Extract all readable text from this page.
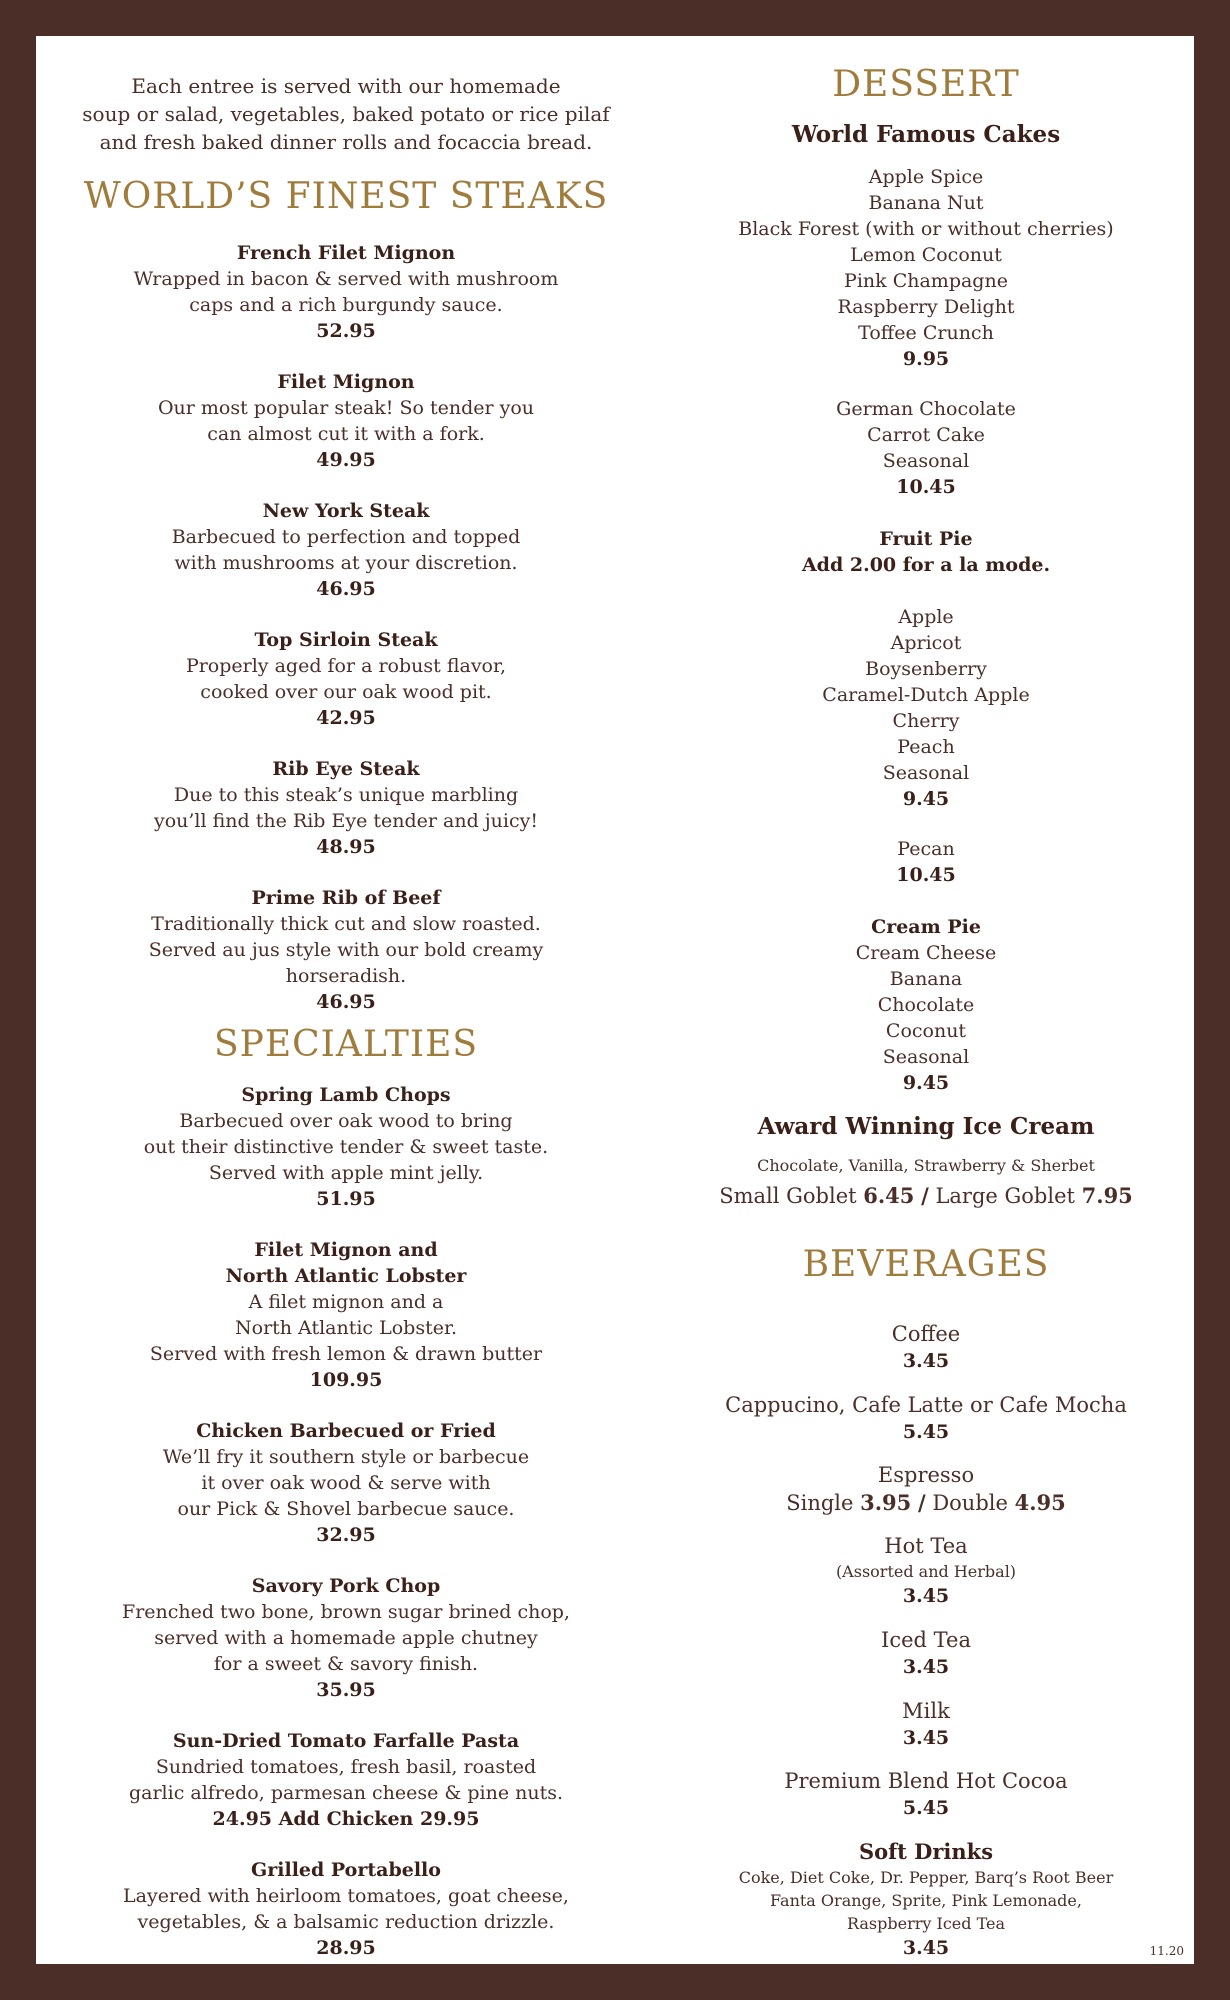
Each entree is served with our homemade
soup or salad, vegetables, baked potato or rice pilaf
and fresh baked dinner rolls and focaccia bread.
WORLD’S FINEST STEAKS
French Filet Mignon
Wrapped in bacon & served with mushroom
caps and a rich burgundy sauce.
52.95
Filet Mignon
Our most popular steak! So tender you
can almost cut it with a fork.
49.95
New York Steak
Barbecued to perfection and topped
with mushrooms at your discretion.
46.95
Top Sirloin Steak
Properly aged for a robust flavor,
cooked over our oak wood pit.
42.95
Rib Eye Steak
Due to this steak’s unique marbling
you’ll find the Rib Eye tender and juicy!
48.95
Prime Rib of Beef
Traditionally thick cut and slow roasted.
Served au jus style with our bold creamy
horseradish.
46.95
SPECIALTIES
Spring Lamb Chops
Barbecued over oak wood to bring
out their distinctive tender & sweet taste.
Served with apple mint jelly.
51.95
Filet Mignon and
North Atlantic Lobster
A filet mignon and a
North Atlantic Lobster.
Served with fresh lemon & drawn butter
109.95
Chicken Barbecued or Fried
We’ll fry it southern style or barbecue
it over oak wood & serve with
our Pick & Shovel barbecue sauce.
32.95
Savory Pork Chop
Frenched two bone, brown sugar brined chop,
served with a homemade apple chutney
for a sweet & savory finish.
35.95
Sun-Dried Tomato Farfalle Pasta
Sundried tomatoes, fresh basil, roasted
garlic alfredo, parmesan cheese & pine nuts.
24.95 Add Chicken 29.95
Grilled Portabello
Layered with heirloom tomatoes, goat cheese,
vegetables, & a balsamic reduction drizzle.
28.95
DESSERT
World Famous Cakes
Apple Spice
Banana Nut
Black Forest (with or without cherries)
Lemon Coconut
Pink Champagne
Raspberry Delight
Toffee Crunch
9.95
German Chocolate
Carrot Cake
Seasonal
10.45
Fruit Pie
Add 2.00 for a la mode.
Apple
Apricot
Boysenberry
Caramel-Dutch Apple
Cherry
Peach
Seasonal
9.45
Pecan
10.45
Cream Pie
Cream Cheese
Banana
Chocolate
Coconut
Seasonal
9.45
Award Winning Ice Cream
Chocolate, Vanilla, Strawberry & Sherbet
Small Goblet 6.45 / Large Goblet 7.95
BEVERAGES
Coffee
3.45
Cappucino, Cafe Latte or Cafe Mocha
5.45
Espresso
Single 3.95 / Double 4.95
Hot Tea
(Assorted and Herbal)
3.45
Iced Tea
3.45
Milk
3.45
Premium Blend Hot Cocoa
5.45
Soft Drinks
Coke, Diet Coke, Dr. Pepper, Barq’s Root Beer
Fanta Orange, Sprite, Pink Lemonade,
Raspberry Iced Tea
3.45	11.20
